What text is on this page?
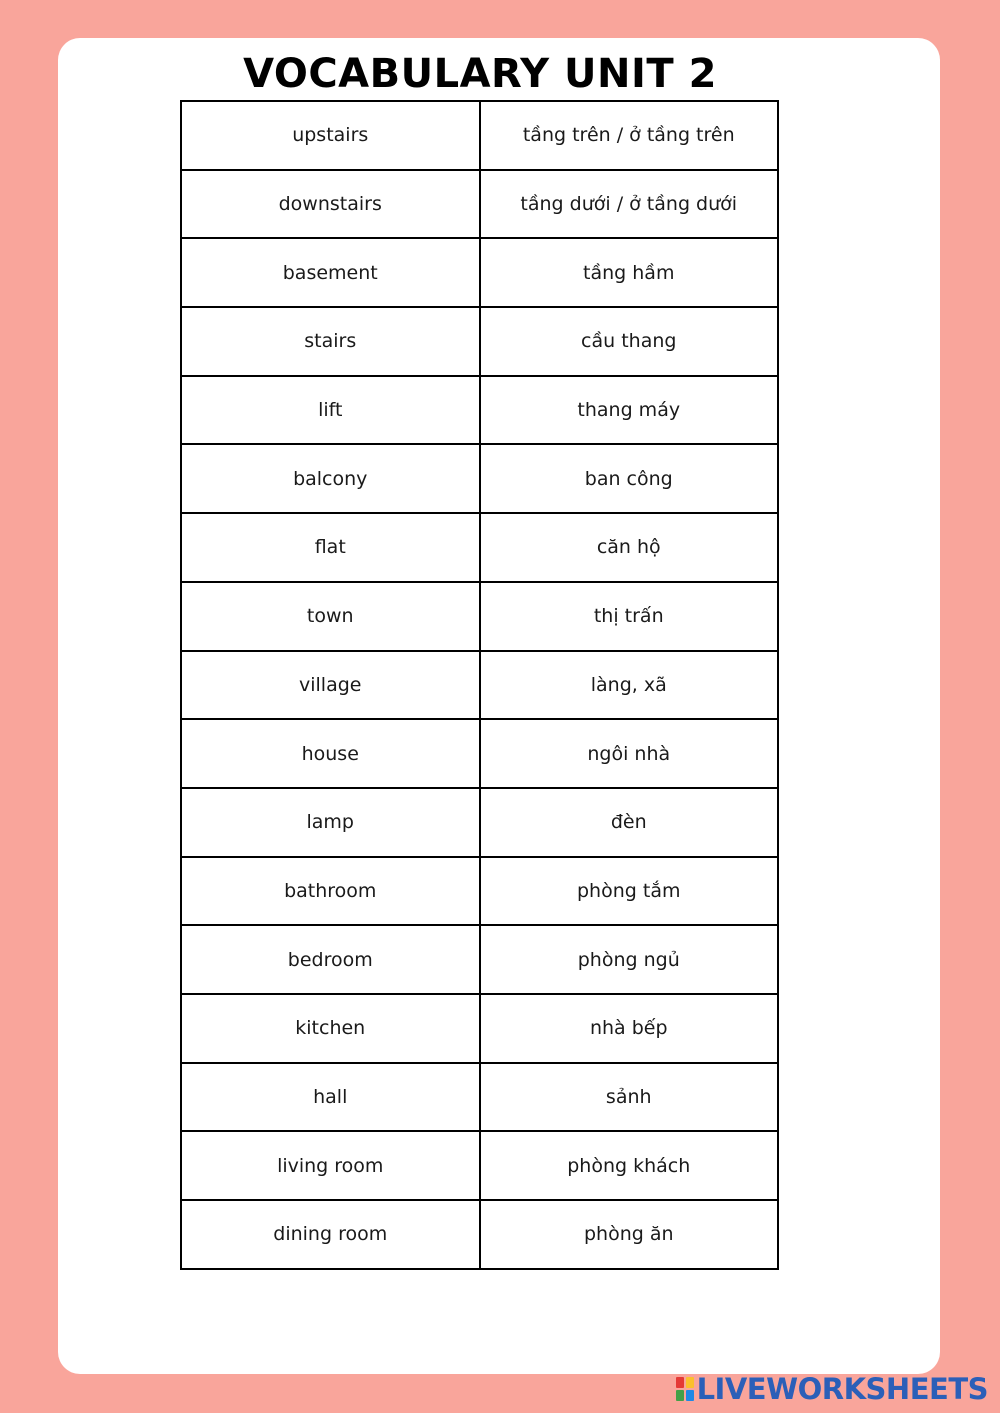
VOCABULARY UNIT 2
upstairs	tầng trên / ở tầng trên
downstairs	tầng dưới / ở tầng dưới
basement	tầng hầm
stairs	cầu thang
lift	thang máy
balcony	ban công
flat	căn hộ
town	thị trấn
village	làng, xã
house	ngôi nhà
lamp	đèn
bathroom	phòng tắm
bedroom	phòng ngủ
kitchen	nhà bếp
hall	sảnh
living room	phòng khách
dining room	phòng ăn
LIVEWORKSHEETS
